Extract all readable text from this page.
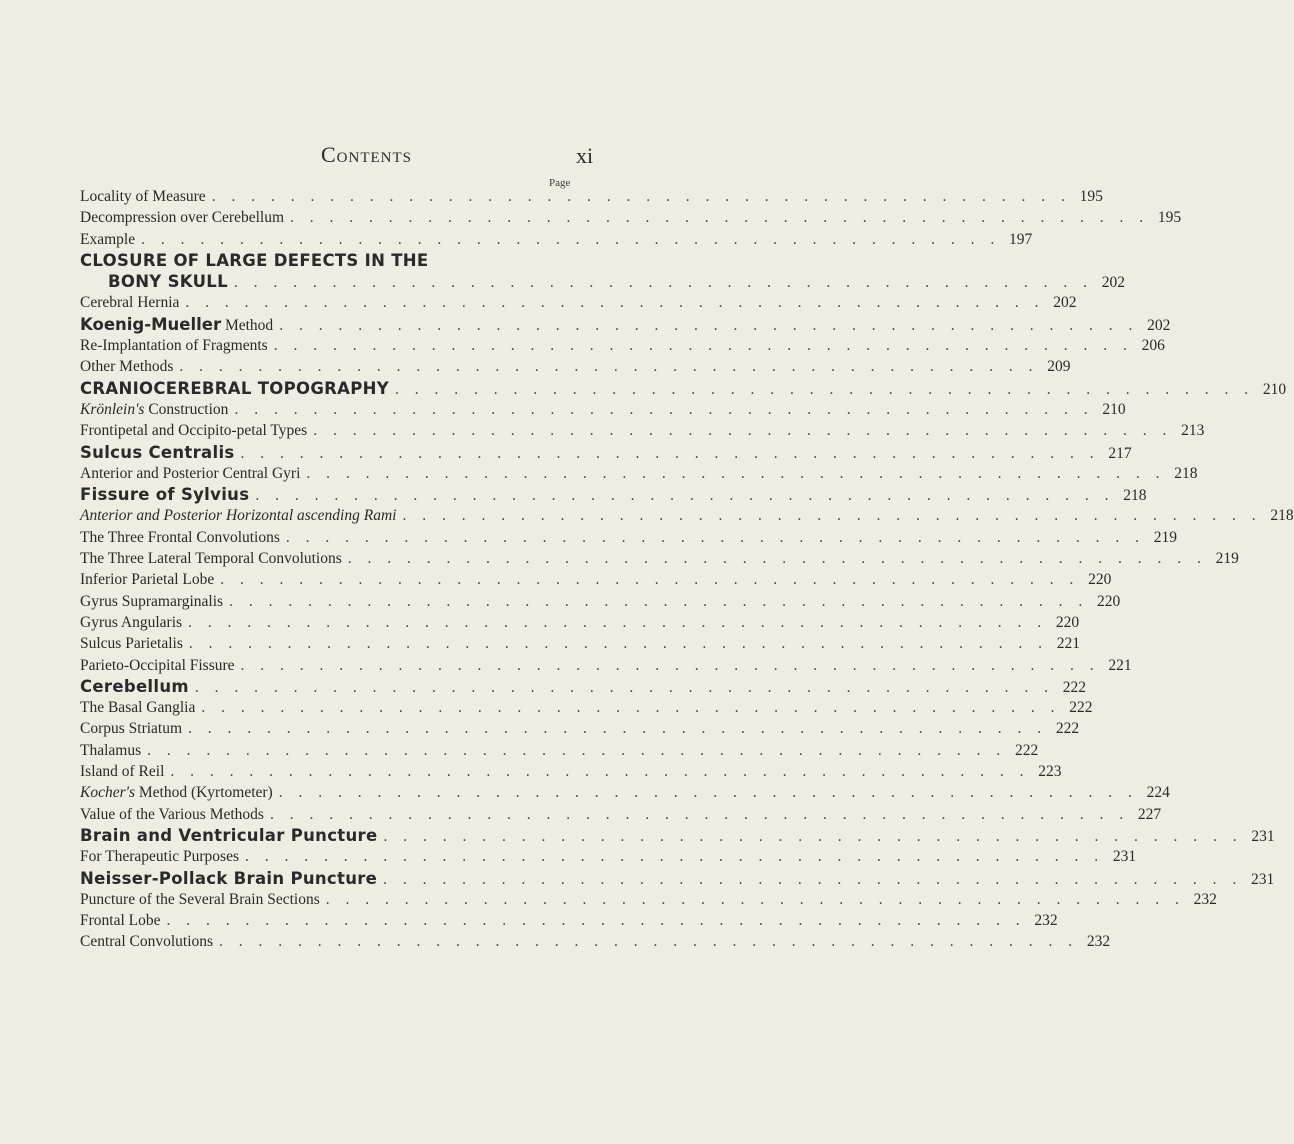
Contents	xi
Page
Locality of Measure . . . . . . . . . . . . . . . . . . . . . . . . . . . . . . . . . . . . . . . . . . . . 195
Decompression over Cerebellum . . . . . . . . . . . . . . . . . . . . . . . . . . . . . . . . . . . . . . . . . . . . 195
Example . . . . . . . . . . . . . . . . . . . . . . . . . . . . . . . . . . . . . . . . . . . . 197
CLOSURE OF LARGE DEFECTS IN THE
BONY SKULL . . . . . . . . . . . . . . . . . . . . . . . . . . . . . . . . . . . . . . . . . . . . 202
Cerebral Hernia . . . . . . . . . . . . . . . . . . . . . . . . . . . . . . . . . . . . . . . . . . . . 202
Koenig-Mueller Method . . . . . . . . . . . . . . . . . . . . . . . . . . . . . . . . . . . . . . . . . . . . 202
Re-Implantation of Fragments . . . . . . . . . . . . . . . . . . . . . . . . . . . . . . . . . . . . . . . . . . . . 206
Other Methods . . . . . . . . . . . . . . . . . . . . . . . . . . . . . . . . . . . . . . . . . . . . 209
CRANIOCEREBRAL TOPOGRAPHY . . . . . . . . . . . . . . . . . . . . . . . . . . . . . . . . . . . . . . . . . . . . 210
Krönlein's Construction . . . . . . . . . . . . . . . . . . . . . . . . . . . . . . . . . . . . . . . . . . . . 210
Frontipetal and Occipito-petal Types . . . . . . . . . . . . . . . . . . . . . . . . . . . . . . . . . . . . . . . . . . . . 213
Sulcus Centralis . . . . . . . . . . . . . . . . . . . . . . . . . . . . . . . . . . . . . . . . . . . . 217
Anterior and Posterior Central Gyri . . . . . . . . . . . . . . . . . . . . . . . . . . . . . . . . . . . . . . . . . . . . 218
Fissure of Sylvius . . . . . . . . . . . . . . . . . . . . . . . . . . . . . . . . . . . . . . . . . . . . 218
Anterior and Posterior Horizontal ascending Rami . . . . . . . . . . . . . . . . . . . . . . . . . . . . . . . . . . . . . . . . . . . . 218
The Three Frontal Convolutions . . . . . . . . . . . . . . . . . . . . . . . . . . . . . . . . . . . . . . . . . . . . 219
The Three Lateral Temporal Convolutions . . . . . . . . . . . . . . . . . . . . . . . . . . . . . . . . . . . . . . . . . . . . 219
Inferior Parietal Lobe . . . . . . . . . . . . . . . . . . . . . . . . . . . . . . . . . . . . . . . . . . . . 220
Gyrus Supramarginalis . . . . . . . . . . . . . . . . . . . . . . . . . . . . . . . . . . . . . . . . . . . . 220
Gyrus Angularis . . . . . . . . . . . . . . . . . . . . . . . . . . . . . . . . . . . . . . . . . . . . 220
Sulcus Parietalis . . . . . . . . . . . . . . . . . . . . . . . . . . . . . . . . . . . . . . . . . . . . 221
Parieto-Occipital Fissure . . . . . . . . . . . . . . . . . . . . . . . . . . . . . . . . . . . . . . . . . . . . 221
Cerebellum . . . . . . . . . . . . . . . . . . . . . . . . . . . . . . . . . . . . . . . . . . . . 222
The Basal Ganglia . . . . . . . . . . . . . . . . . . . . . . . . . . . . . . . . . . . . . . . . . . . . 222
Corpus Striatum . . . . . . . . . . . . . . . . . . . . . . . . . . . . . . . . . . . . . . . . . . . . 222
Thalamus . . . . . . . . . . . . . . . . . . . . . . . . . . . . . . . . . . . . . . . . . . . . 222
Island of Reil . . . . . . . . . . . . . . . . . . . . . . . . . . . . . . . . . . . . . . . . . . . . 223
Kocher's Method (Kyrtometer) . . . . . . . . . . . . . . . . . . . . . . . . . . . . . . . . . . . . . . . . . . . . 224
Value of the Various Methods . . . . . . . . . . . . . . . . . . . . . . . . . . . . . . . . . . . . . . . . . . . . 227
Brain and Ventricular Puncture . . . . . . . . . . . . . . . . . . . . . . . . . . . . . . . . . . . . . . . . . . . . 231
For Therapeutic Purposes . . . . . . . . . . . . . . . . . . . . . . . . . . . . . . . . . . . . . . . . . . . . 231
Neisser-Pollack Brain Puncture . . . . . . . . . . . . . . . . . . . . . . . . . . . . . . . . . . . . . . . . . . . . 231
Puncture of the Several Brain Sections . . . . . . . . . . . . . . . . . . . . . . . . . . . . . . . . . . . . . . . . . . . . 232
Frontal Lobe . . . . . . . . . . . . . . . . . . . . . . . . . . . . . . . . . . . . . . . . . . . . 232
Central Convolutions . . . . . . . . . . . . . . . . . . . . . . . . . . . . . . . . . . . . . . . . . . . . 232
